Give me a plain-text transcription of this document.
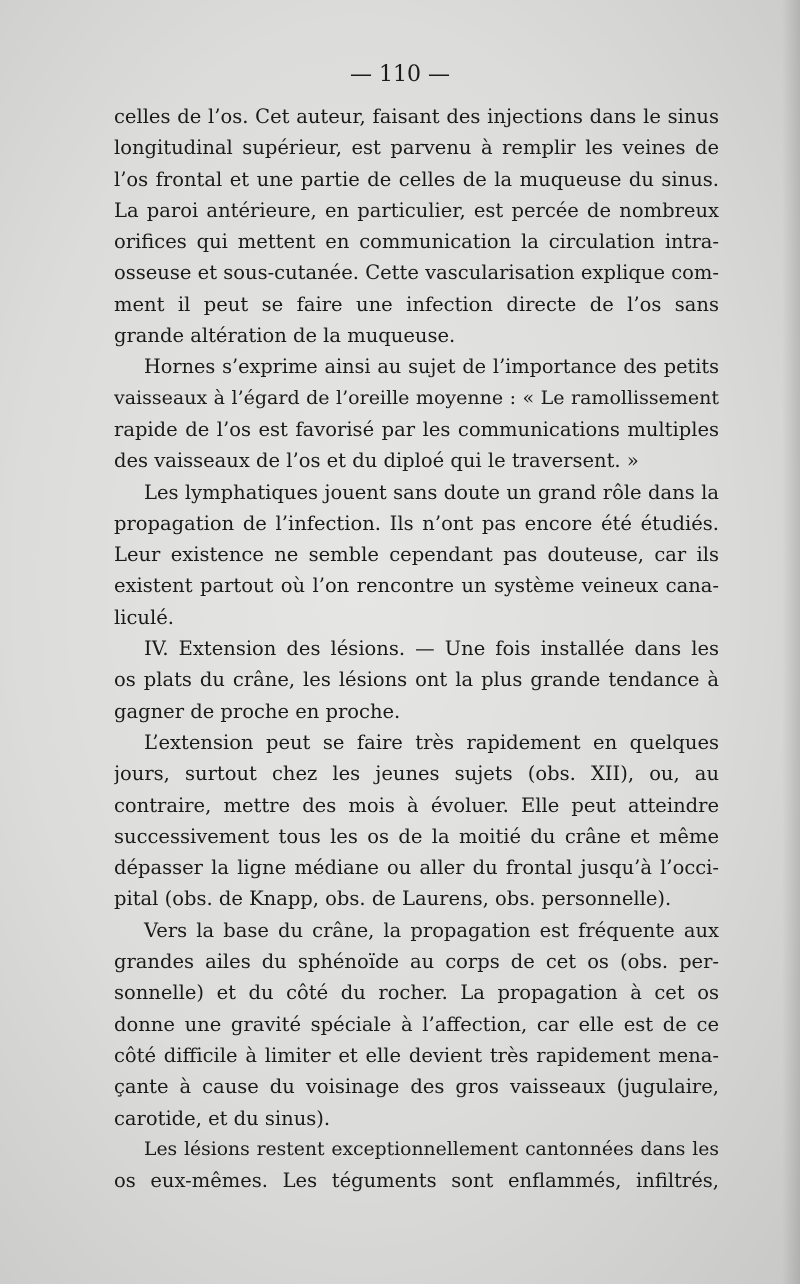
— 110 —
celles de l’os. Cet auteur, faisant des injections dans le sinus
longitudinal supérieur, est parvenu à remplir les veines de
l’os frontal et une partie de celles de la muqueuse du sinus.
La paroi antérieure, en particulier, est percée de nombreux
orifices qui mettent en communication la circulation intra-
osseuse et sous-cutanée. Cette vascularisation explique com-
ment il peut se faire une infection directe de l’os sans
grande altération de la muqueuse.
Hornes s’exprime ainsi au sujet de l’importance des petits
vaisseaux à l’égard de l’oreille moyenne : « Le ramollissement
rapide de l’os est favorisé par les communications multiples
des vaisseaux de l’os et du diploé qui le traversent. »
Les lymphatiques jouent sans doute un grand rôle dans la
propagation de l’infection. Ils n’ont pas encore été étudiés.
Leur existence ne semble cependant pas douteuse, car ils
existent partout où l’on rencontre un système veineux cana-
liculé.
IV. Extension des lésions. — Une fois installée dans les
os plats du crâne, les lésions ont la plus grande tendance à
gagner de proche en proche.
L’extension peut se faire très rapidement en quelques
jours, surtout chez les jeunes sujets (obs. XII), ou, au
contraire, mettre des mois à évoluer. Elle peut atteindre
successivement tous les os de la moitié du crâne et même
dépasser la ligne médiane ou aller du frontal jusqu’à l’occi-
pital (obs. de Knapp, obs. de Laurens, obs. personnelle).
Vers la base du crâne, la propagation est fréquente aux
grandes ailes du sphénoïde au corps de cet os (obs. per-
sonnelle) et du côté du rocher. La propagation à cet os
donne une gravité spéciale à l’affection, car elle est de ce
côté difficile à limiter et elle devient très rapidement mena-
çante à cause du voisinage des gros vaisseaux (jugulaire,
carotide, et du sinus).
Les lésions restent exceptionnellement cantonnées dans les
os eux-mêmes. Les téguments sont enflammés, infiltrés,
